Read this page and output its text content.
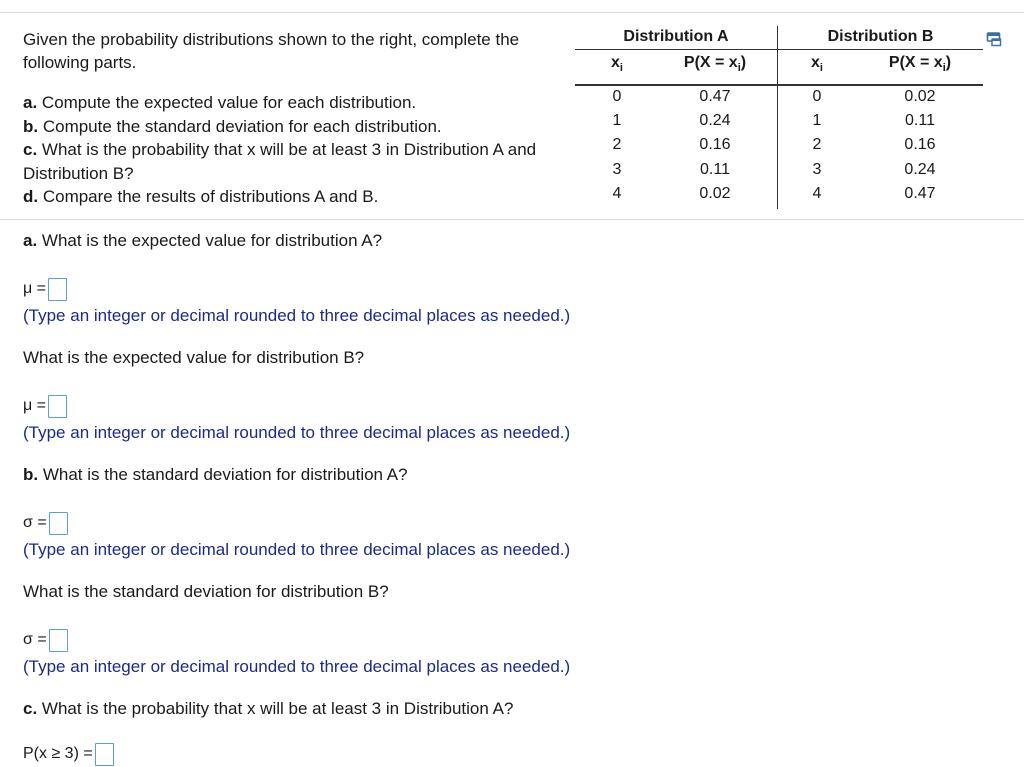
Given the probability distributions shown to the right, complete the following parts.
a. Compute the expected value for each distribution.
b. Compute the standard deviation for each distribution.
c. What is the probability that x will be at least 3 in Distribution A and Distribution B?
d. Compare the results of distributions A and B.
Distribution A	Distribution B
$x_i$	$P(X = x_i)$	$x_i$	$P(X = x_i)$
0	0.47	0	0.02
1	0.24	1	0.11
2	0.16	2	0.16
3	0.11	3	0.24
4	0.02	4	0.47
a. What is the expected value for distribution A?
μ =
(Type an integer or decimal rounded to three decimal places as needed.)
What is the expected value for distribution B?
μ =
(Type an integer or decimal rounded to three decimal places as needed.)
b. What is the standard deviation for distribution A?
σ =
(Type an integer or decimal rounded to three decimal places as needed.)
What is the standard deviation for distribution B?
σ =
(Type an integer or decimal rounded to three decimal places as needed.)
c. What is the probability that x will be at least 3 in Distribution A?
P(x ≥ 3) =
